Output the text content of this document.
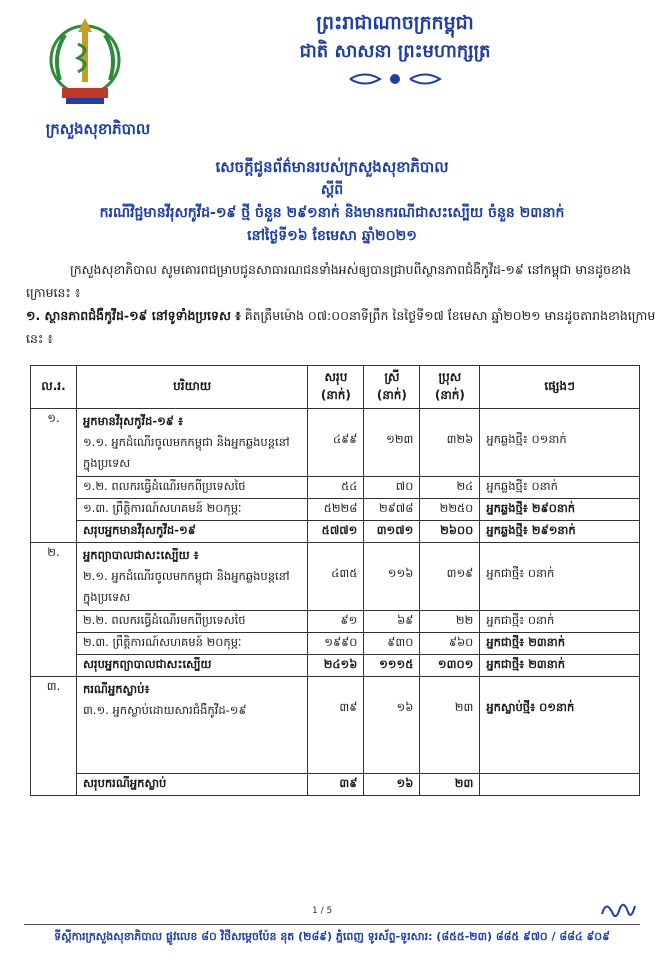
ព្រះរាជាណាចក្រកម្ពុជា
ជាតិ សាសនា ព្រះមហាក្សត្រ
ក្រសួងសុខាភិបាល
សេចក្តីជូនព័ត៌មានរបស់ក្រសួងសុខាភិបាល
ស្តីពី
ករណីវិជ្ជមានវីរុសកូវីដ-១៩ ថ្មី ចំនួន ២៩១នាក់ និងមានករណីជាសះស្បើយ ចំនួន ២៣នាក់
នៅថ្ងៃទី១៦ ខែមេសា ឆ្នាំ២០២១
ក្រសួងសុខាភិបាល សូមគោរពជម្រាបជូនសាធារណជនទាំងអស់ឲ្យបានជ្រាបពីស្ថានភាពជំងឺកូវីដ-១៩ នៅកម្ពុជា មានដូចខាងក្រោមនេះ ៖
១. ស្ថានភាពជំងឺកូវីដ-១៩ នៅទូទាំងប្រទេស ៖ គិតត្រឹមម៉ោង ០៧:០០នាទីព្រឹក នៃថ្ងៃទី១៧ ខែមេសា ឆ្នាំ២០២១ មានដូចតារាងខាងក្រោមនេះ ៖
ល.រ.	បរិយាយ	សរុប (នាក់)	ស្រី (នាក់)	ប្រុស (នាក់)	ផ្សេងៗ
១.	អ្នកមានវីរុសកូវីដ-១៩ ៖
១.១. អ្នកដំណើរចូលមកកម្ពុជា និងអ្នកឆ្លងបន្តនៅក្នុងប្រទេស	៤៩៩	១២៣	៣២៦	អ្នកឆ្លងថ្មី៖ ០១នាក់
	១.២. ពលករធ្វើដំណើរមកពីប្រទេសថៃ	៥៤	៧០	២៤	អ្នកឆ្លងថ្មី៖ ០នាក់
	១.៣. ព្រឹត្តិការណ៍សហគមន៍ ២០កុម្ភៈ	៥២២៨	២៩៧៨	២២៥០	អ្នកឆ្លងថ្មី៖ ២៩០នាក់
	សរុបអ្នកមានវីរុសកូវីដ-១៩	៥៧៧១	៣១៧១	២៦០០	អ្នកឆ្លងថ្មី៖ ២៩១នាក់
២.	អ្នកព្យាបាលជាសះស្បើយ ៖
២.១. អ្នកដំណើរចូលមកកម្ពុជា និងអ្នកឆ្លងបន្តនៅក្នុងប្រទេស	៤៣៥	១១៦	៣១៩	អ្នកជាថ្មី៖ ០នាក់
	២.២. ពលករធ្វើដំណើរមកពីប្រទេសថៃ	៩១	៦៩	២២	អ្នកជាថ្មី៖ ០នាក់
	២.៣. ព្រឹត្តិការណ៍សហគមន៍ ២០កុម្ភៈ	១៩៩០	៩៣០	៩៦០	អ្នកជាថ្មី៖ ២៣នាក់
	សរុបអ្នកព្យាបាលជាសះស្បើយ	២៤១៦	១១១៥	១៣០១	អ្នកជាថ្មី៖ ២៣នាក់
៣.	ករណីអ្នកស្លាប់៖
៣.១. អ្នកស្លាប់ដោយសារជំងឺកូវីដ-១៩	៣៩	១៦	២៣	អ្នកស្លាប់ថ្មី៖ ០១នាក់
	សរុបករណីអ្នកស្លាប់	៣៩	១៦	២៣	
1 / 5
ទីស្តីការក្រសួងសុខាភិបាល ផ្លូវលេខ ៨០ វិថីសម្តេចប៉ែន នុត (២៨៩) ភ្នំពេញ ទូរស័ព្ទ-ទូរសារ: (៨៥៥-២៣) ៨៨៥ ៩៧០ / ៨៨៤ ៩០៩
